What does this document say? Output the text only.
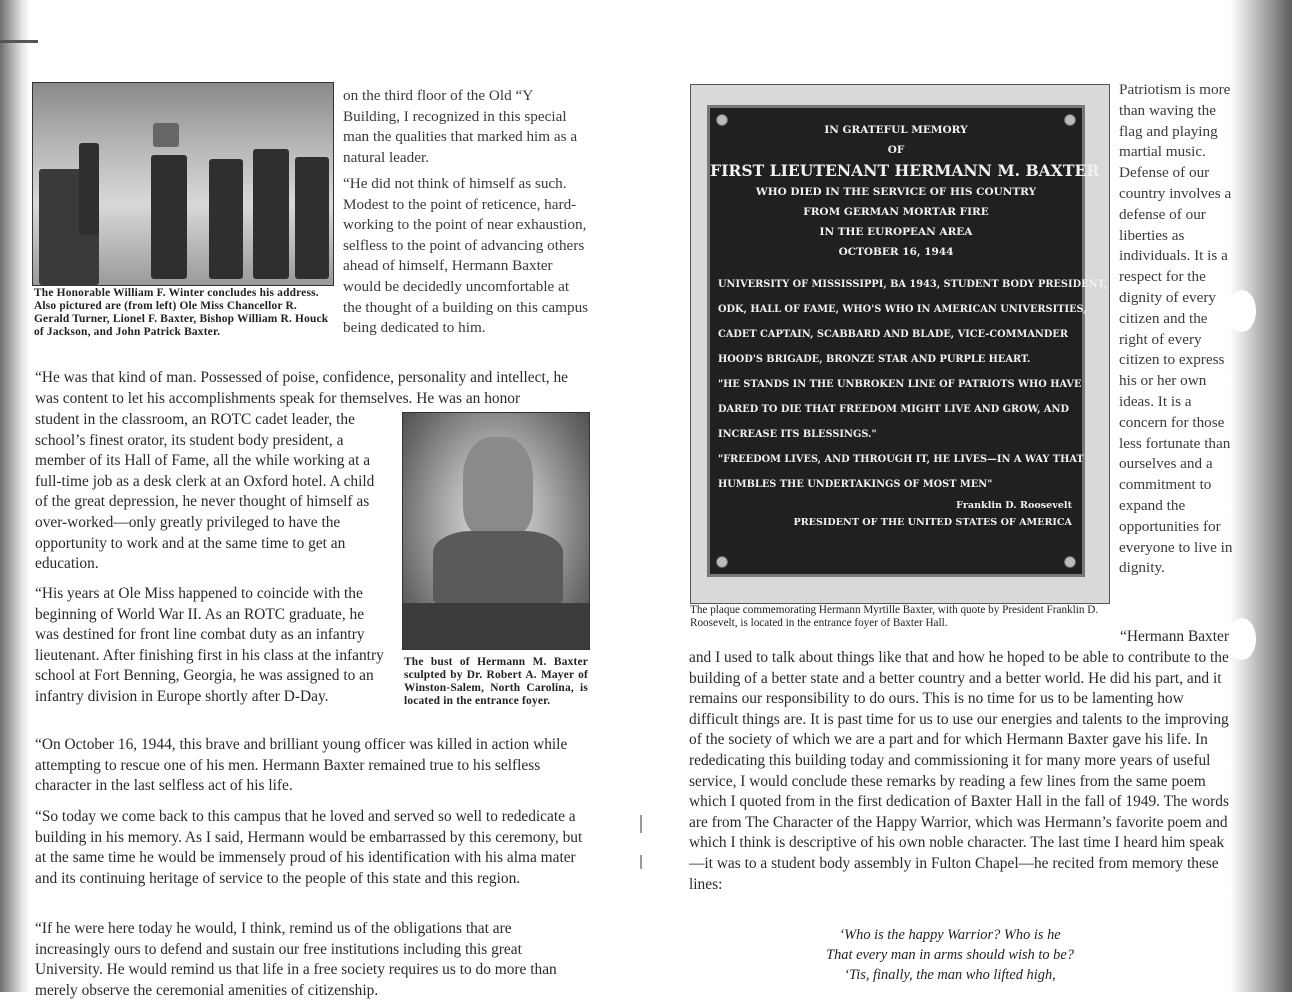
The Honorable William F. Winter concludes his address. Also pictured are (from left) Ole Miss Chancellor R. Gerald Turner, Lionel F. Baxter, Bishop William R. Houck of Jackson, and John Patrick Baxter.

on the third floor of the Old “Y Building, I recognized in this special man the qualities that marked him as a natural leader.

“He did not think of himself as such. Modest to the point of reticence, hard-working to the point of near exhaustion, selfless to the point of advancing others ahead of himself, Hermann Baxter would be decidedly uncomfortable at the thought of a building on this campus being dedicated to him.

“He was that kind of man. Possessed of poise, confidence, personality and intellect, he was content to let his accomplishments speak for themselves. He was an honor

student in the classroom, an ROTC cadet leader, the school’s finest orator, its student body president, a member of its Hall of Fame, all the while working at a full-time job as a desk clerk at an Oxford hotel. A child of the great depression, he never thought of himself as over-worked—only greatly privileged to have the opportunity to work and at the same time to get an education.

“His years at Ole Miss happened to coincide with the beginning of World War II. As an ROTC graduate, he was destined for front line combat duty as an infantry lieutenant. After finishing first in his class at the infantry school at Fort Benning, Georgia, he was assigned to an infantry division in Europe shortly after D-Day.

The bust of Hermann M. Baxter sculpted by Dr. Robert A. Mayer of Winston-Salem, North Carolina, is located in the entrance foyer.

“On October 16, 1944, this brave and brilliant young officer was killed in action while attempting to rescue one of his men. Hermann Baxter remained true to his selfless character in the last selfless act of his life.

“So today we come back to this campus that he loved and served so well to rededicate a building in his memory. As I said, Hermann would be embarrassed by this ceremony, but at the same time he would be immensely proud of his identification with his alma mater and its continuing heritage of service to the people of this state and this region.

“If he were here today he would, I think, remind us of the obligations that are increasingly ours to defend and sustain our free institutions including this great University. He would remind us that life in a free society requires us to do more than merely observe the ceremonial amenities of citizenship.

IN GRATEFUL MEMORY
OF
FIRST LIEUTENANT HERMANN M. BAXTER
WHO DIED IN THE SERVICE OF HIS COUNTRY
FROM GERMAN MORTAR FIRE
IN THE EUROPEAN AREA
OCTOBER 16, 1944
UNIVERSITY OF MISSISSIPPI, BA 1943, STUDENT BODY PRESIDENT,
ODK, HALL OF FAME, WHO'S WHO IN AMERICAN UNIVERSITIES,
CADET CAPTAIN, SCABBARD AND BLADE, VICE-COMMANDER
HOOD'S BRIGADE, BRONZE STAR AND PURPLE HEART.
"HE STANDS IN THE UNBROKEN LINE OF PATRIOTS WHO HAVE
DARED TO DIE THAT FREEDOM MIGHT LIVE AND GROW, AND
INCREASE ITS BLESSINGS."
"FREEDOM LIVES, AND THROUGH IT, HE LIVES—IN A WAY THAT
HUMBLES THE UNDERTAKINGS OF MOST MEN"
Franklin D. Roosevelt
PRESIDENT OF THE UNITED STATES OF AMERICA

The plaque commemorating Hermann Myrtille Baxter, with quote by President Franklin D. Roosevelt, is located in the entrance foyer of Baxter Hall.

Patriotism is more than waving the flag and playing martial music. Defense of our country involves a defense of our liberties as individuals. It is a respect for the dignity of every citizen and the right of every citizen to express his or her own ideas. It is a concern for those less fortunate than ourselves and a commitment to expand the opportunities for everyone to live in dignity.

“Hermann Baxter

and I used to talk about things like that and how he hoped to be able to contribute to the building of a better state and a better country and a better world. He did his part, and it remains our responsibility to do ours. This is no time for us to be lamenting how difficult things are. It is past time for us to use our energies and talents to the improving of the society of which we are a part and for which Hermann Baxter gave his life. In rededicating this building today and commissioning it for many more years of useful service, I would conclude these remarks by reading a few lines from the same poem which I quoted from in the first dedication of Baxter Hall in the fall of 1949. The words are from The Character of the Happy Warrior, which was Hermann’s favorite poem and which I think is descriptive of his own noble character. The last time I heard him speak—it was to a student body assembly in Fulton Chapel—he recited from memory these lines:

‘Who is the happy Warrior? Who is he

That every man in arms should wish to be?

‘Tis, finally, the man who lifted high,
